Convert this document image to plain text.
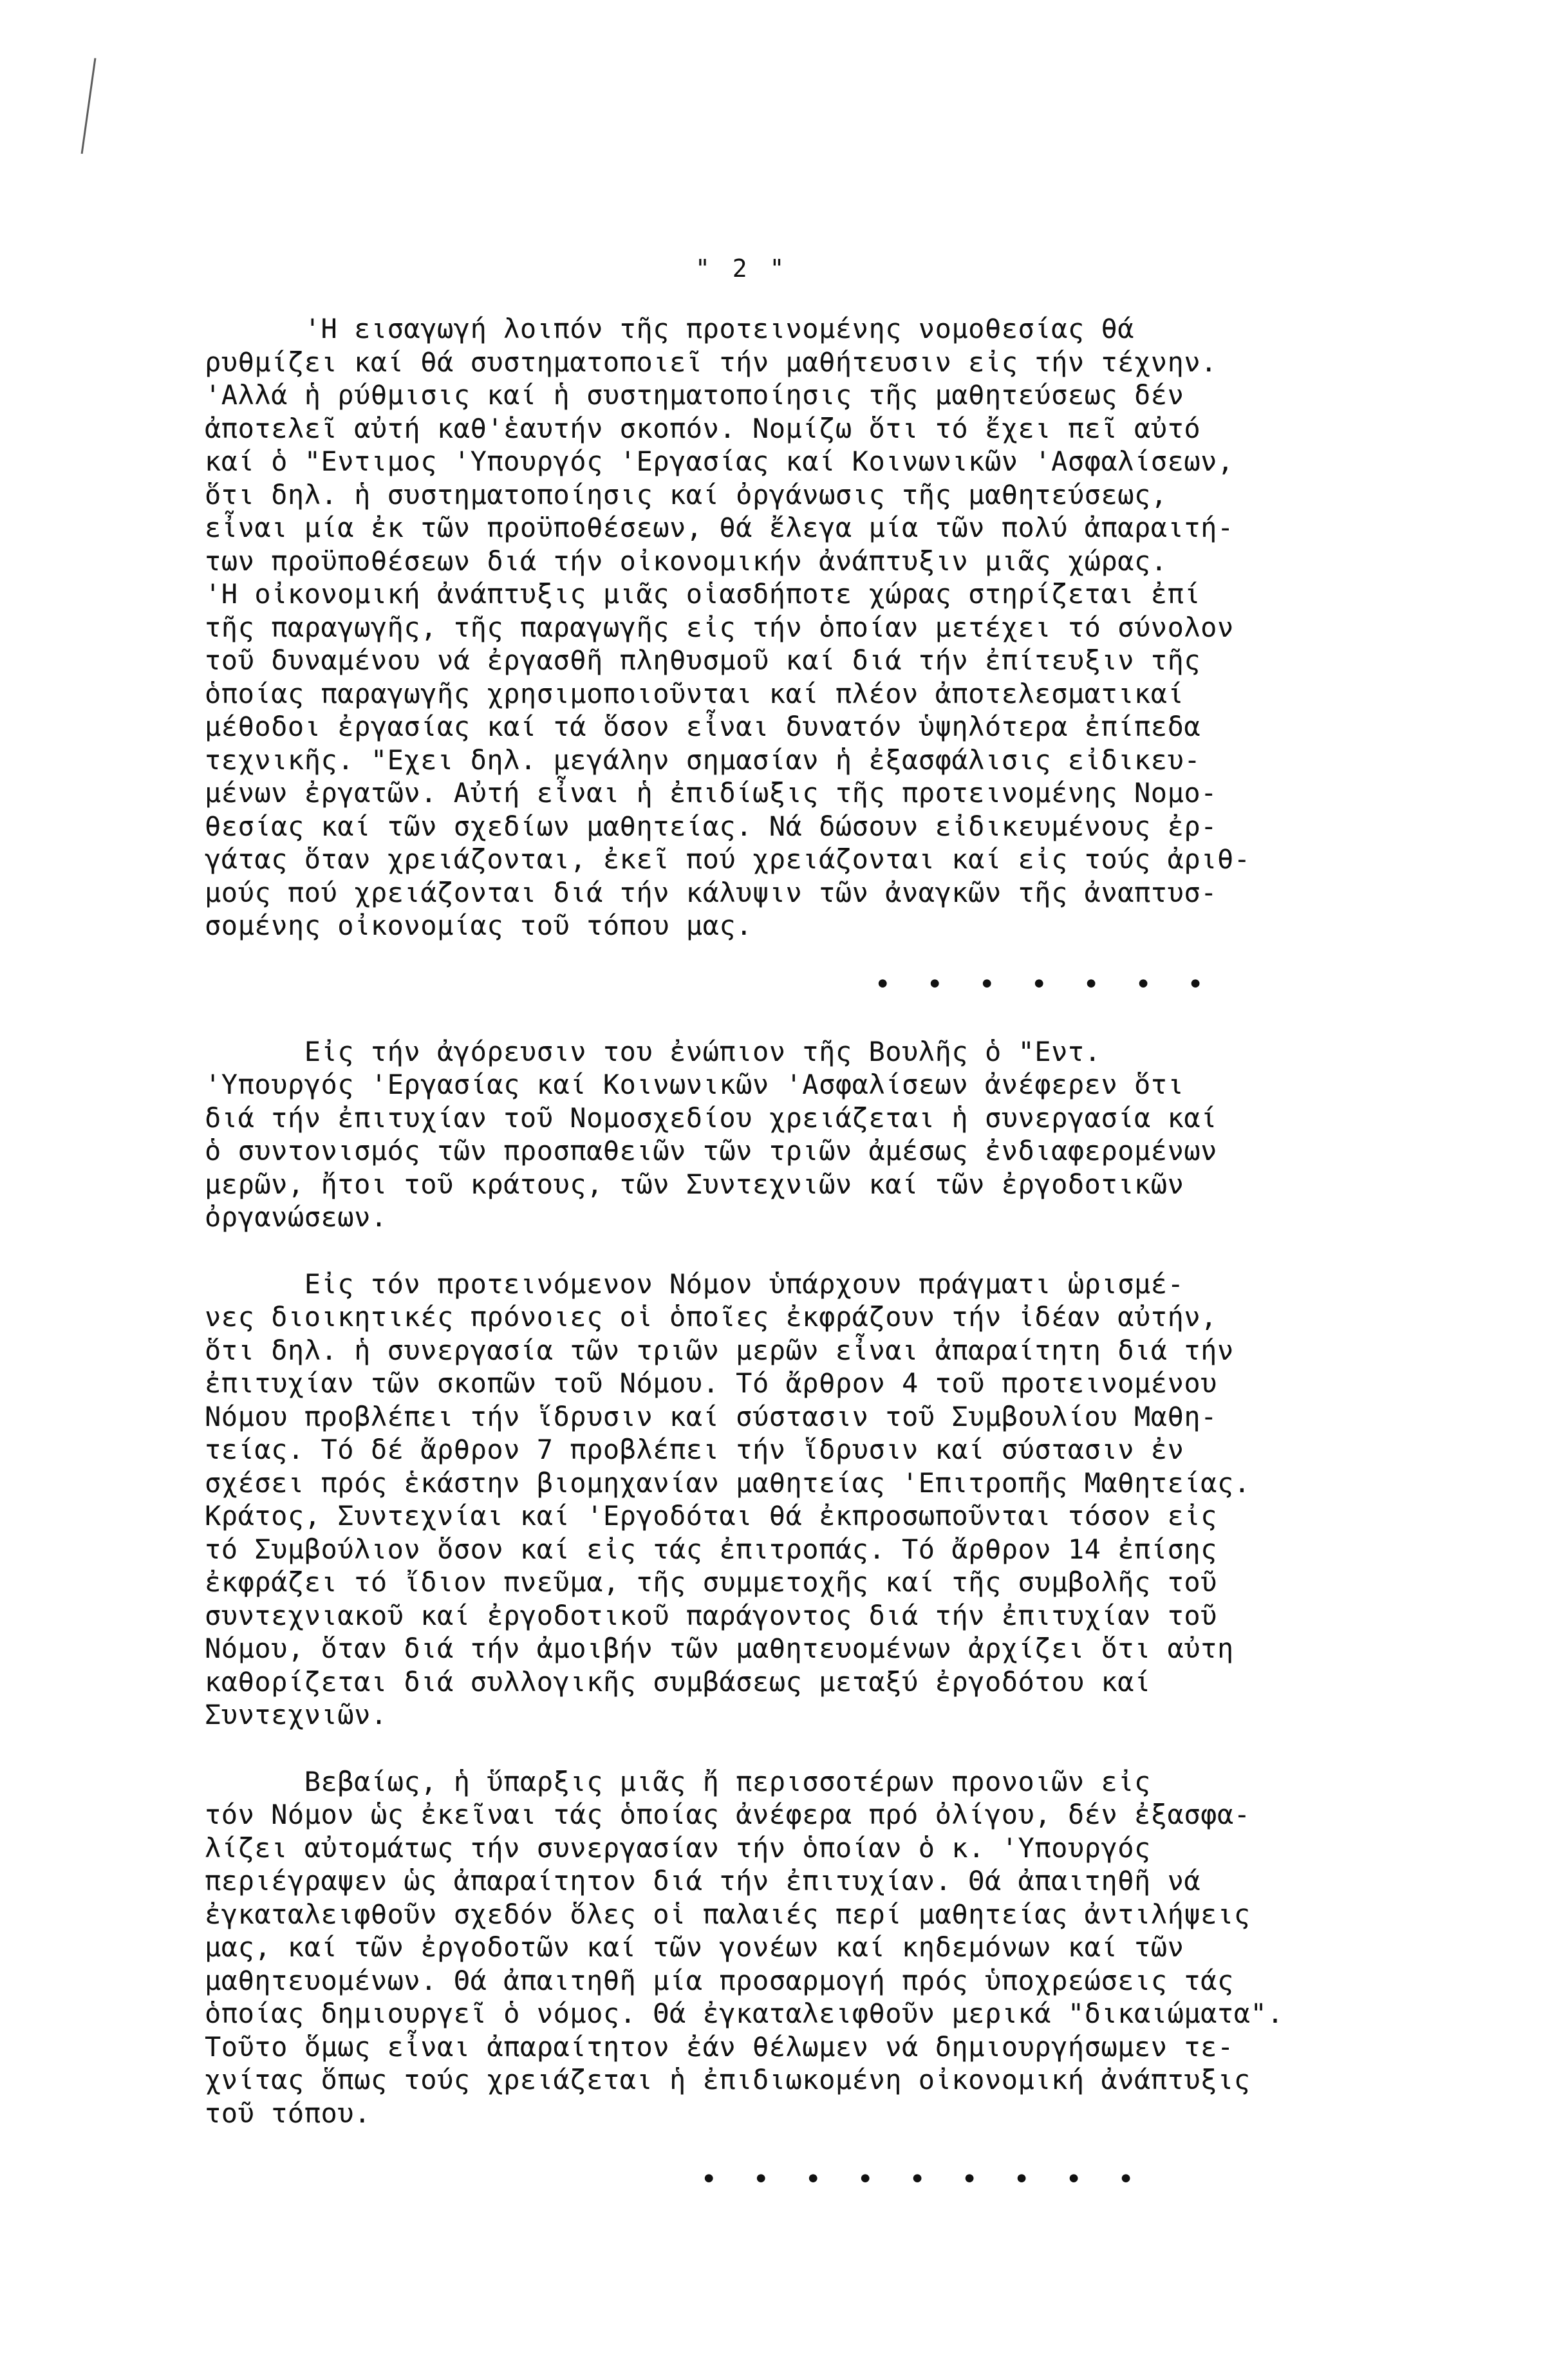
" 2 "
'Η εισαγωγή λοιπόν τῆς προτεινομένης νομοθεσίας θά
ρυθμίζει καί θά συστηματοποιεῖ τήν μαθήτευσιν εἰς τήν τέχνην.
'Αλλά ἡ ρύθμισις καί ἡ συστηματοποίησις τῆς μαθητεύσεως δέν
ἀποτελεῖ αὐτή καθ'ἑαυτήν σκοπόν. Νομίζω ὅτι τό ἔχει πεῖ αὐτό
καί ὁ "Εντιμος 'Υπουργός 'Εργασίας καί Κοινωνικῶν 'Ασφαλίσεων,
ὅτι δηλ. ἡ συστηματοποίησις καί ὀργάνωσις τῆς μαθητεύσεως,
εἶναι μία ἐκ τῶν προϋποθέσεων, θά ἔλεγα μία τῶν πολύ ἀπαραιτή-
των προϋποθέσεων διά τήν οἰκονομικήν ἀνάπτυξιν μιᾶς χώρας.
'Η οἰκονομική ἀνάπτυξις μιᾶς οἱασδήποτε χώρας στηρίζεται ἐπί
τῆς παραγωγῆς, τῆς παραγωγῆς εἰς τήν ὁποίαν μετέχει τό σύνολον
τοῦ δυναμένου νά ἐργασθῆ πληθυσμοῦ καί διά τήν ἐπίτευξιν τῆς
ὁποίας παραγωγῆς χρησιμοποιοῦνται καί πλέον ἀποτελεσματικαί
μέθοδοι ἐργασίας καί τά ὅσον εἶναι δυνατόν ὑψηλότερα ἐπίπεδα
τεχνικῆς. "Εχει δηλ. μεγάλην σημασίαν ἡ ἐξασφάλισις εἰδικευ-
μένων ἐργατῶν. Αὐτή εἶναι ἡ ἐπιδίωξις τῆς προτεινομένης Νομο-
θεσίας καί τῶν σχεδίων μαθητείας. Νά δώσουν εἰδικευμένους ἐρ-
γάτας ὅταν χρειάζονται, ἐκεῖ πού χρειάζονται καί εἰς τούς ἀριθ-
μούς πού χρειάζονται διά τήν κάλυψιν τῶν ἀναγκῶν τῆς ἀναπτυσ-
σομένης οἰκονομίας τοῦ τόπου μας.
• • • • • • •
Εἰς τήν ἀγόρευσιν του ἐνώπιον τῆς Βουλῆς ὁ "Εντ.
'Υπουργός 'Εργασίας καί Κοινωνικῶν 'Ασφαλίσεων ἀνέφερεν ὅτι
διά τήν ἐπιτυχίαν τοῦ Νομοσχεδίου χρειάζεται ἡ συνεργασία καί
ὁ συντονισμός τῶν προσπαθειῶν τῶν τριῶν ἀμέσως ἐνδιαφερομένων
μερῶν, ἤτοι τοῦ κράτους, τῶν Συντεχνιῶν καί τῶν ἐργοδοτικῶν
ὀργανώσεων.
Εἰς τόν προτεινόμενον Νόμον ὑπάρχουν πράγματι ὡρισμέ-
νες διοικητικές πρόνοιες οἱ ὁποῖες ἐκφράζουν τήν ἰδέαν αὐτήν,
ὅτι δηλ. ἡ συνεργασία τῶν τριῶν μερῶν εἶναι ἀπαραίτητη διά τήν
ἐπιτυχίαν τῶν σκοπῶν τοῦ Νόμου. Τό ἄρθρον 4 τοῦ προτεινομένου
Νόμου προβλέπει τήν ἵδρυσιν καί σύστασιν τοῦ Συμβουλίου Μαθη-
τείας. Τό δέ ἄρθρον 7 προβλέπει τήν ἵδρυσιν καί σύστασιν ἐν
σχέσει πρός ἑκάστην βιομηχανίαν μαθητείας 'Επιτροπῆς Μαθητείας.
Κράτος, Συντεχνίαι καί 'Εργοδόται θά ἐκπροσωποῦνται τόσον εἰς
τό Συμβούλιον ὅσον καί εἰς τάς ἐπιτροπάς. Τό ἄρθρον 14 ἐπίσης
ἐκφράζει τό ἴδιον πνεῦμα, τῆς συμμετοχῆς καί τῆς συμβολῆς τοῦ
συντεχνιακοῦ καί ἐργοδοτικοῦ παράγοντος διά τήν ἐπιτυχίαν τοῦ
Νόμου, ὅταν διά τήν ἀμοιβήν τῶν μαθητευομένων ἀρχίζει ὅτι αὐτη
καθορίζεται διά συλλογικῆς συμβάσεως μεταξύ ἐργοδότου καί
Συντεχνιῶν.
Βεβαίως, ἡ ὕπαρξις μιᾶς ἤ περισσοτέρων προνοιῶν εἰς
τόν Νόμον ὡς ἐκεῖναι τάς ὁποίας ἀνέφερα πρό ὀλίγου, δέν ἐξασφα-
λίζει αὐτομάτως τήν συνεργασίαν τήν ὁποίαν ὁ κ. 'Υπουργός
περιέγραψεν ὡς ἀπαραίτητον διά τήν ἐπιτυχίαν. Θά ἀπαιτηθῆ νά
ἐγκαταλειφθοῦν σχεδόν ὅλες οἱ παλαιές περί μαθητείας ἀντιλήψεις
μας, καί τῶν ἐργοδοτῶν καί τῶν γονέων καί κηδεμόνων καί τῶν
μαθητευομένων. Θά ἀπαιτηθῆ μία προσαρμογή πρός ὑποχρεώσεις τάς
ὁποίας δημιουργεῖ ὁ νόμος. Θά ἐγκαταλειφθοῦν μερικά "δικαιώματα".
Τοῦτο ὅμως εἶναι ἀπαραίτητον ἐάν θέλωμεν νά δημιουργήσωμεν τε-
χνίτας ὅπως τούς χρειάζεται ἡ ἐπιδιωκομένη οἰκονομική ἀνάπτυξις
τοῦ τόπου.
• • • • • • • • •
